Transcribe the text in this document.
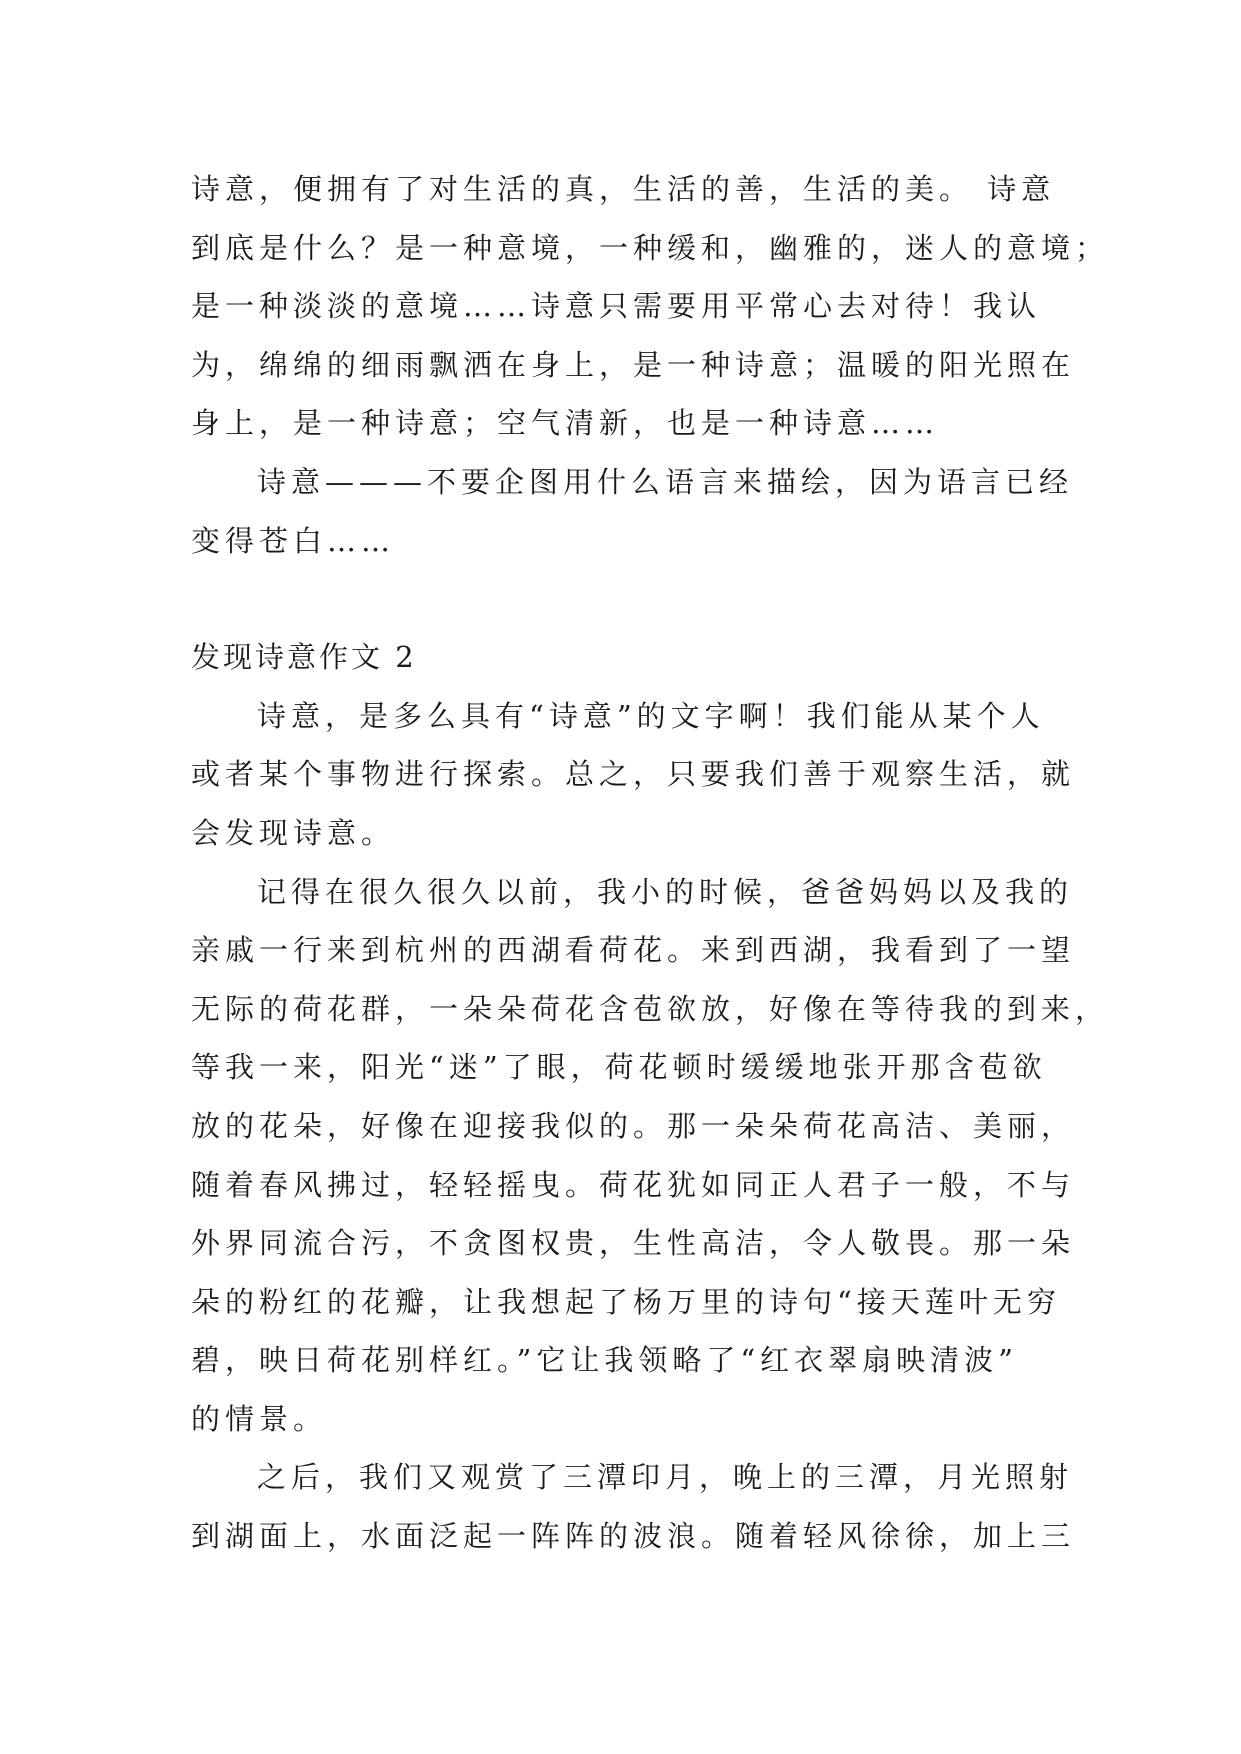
诗意，便拥有了对生活的真，生活的善，生活的美。 诗意
到底是什么？是一种意境，一种缓和，幽雅的，迷人的意境；
是一种淡淡的意境……诗意只需要用平常心去对待！我认
为，绵绵的细雨飘洒在身上，是一种诗意；温暖的阳光照在
身上，是一种诗意；空气清新，也是一种诗意……
诗意———不要企图用什么语言来描绘，因为语言已经
变得苍白……
发现诗意作文 2
诗意，是多么具有“诗意”的文字啊！我们能从某个人
或者某个事物进行探索。总之，只要我们善于观察生活，就
会发现诗意。
记得在很久很久以前，我小的时候，爸爸妈妈以及我的
亲戚一行来到杭州的西湖看荷花。来到西湖，我看到了一望
无际的荷花群，一朵朵荷花含苞欲放，好像在等待我的到来，
等我一来，阳光“迷”了眼，荷花顿时缓缓地张开那含苞欲
放的花朵，好像在迎接我似的。那一朵朵荷花高洁、美丽，
随着春风拂过，轻轻摇曳。荷花犹如同正人君子一般，不与
外界同流合污，不贪图权贵，生性高洁，令人敬畏。那一朵
朵的粉红的花瓣，让我想起了杨万里的诗句“接天莲叶无穷
碧，映日荷花别样红。”它让我领略了“红衣翠扇映清波”
的情景。
之后，我们又观赏了三潭印月，晚上的三潭，月光照射
到湖面上，水面泛起一阵阵的波浪。随着轻风徐徐，加上三
